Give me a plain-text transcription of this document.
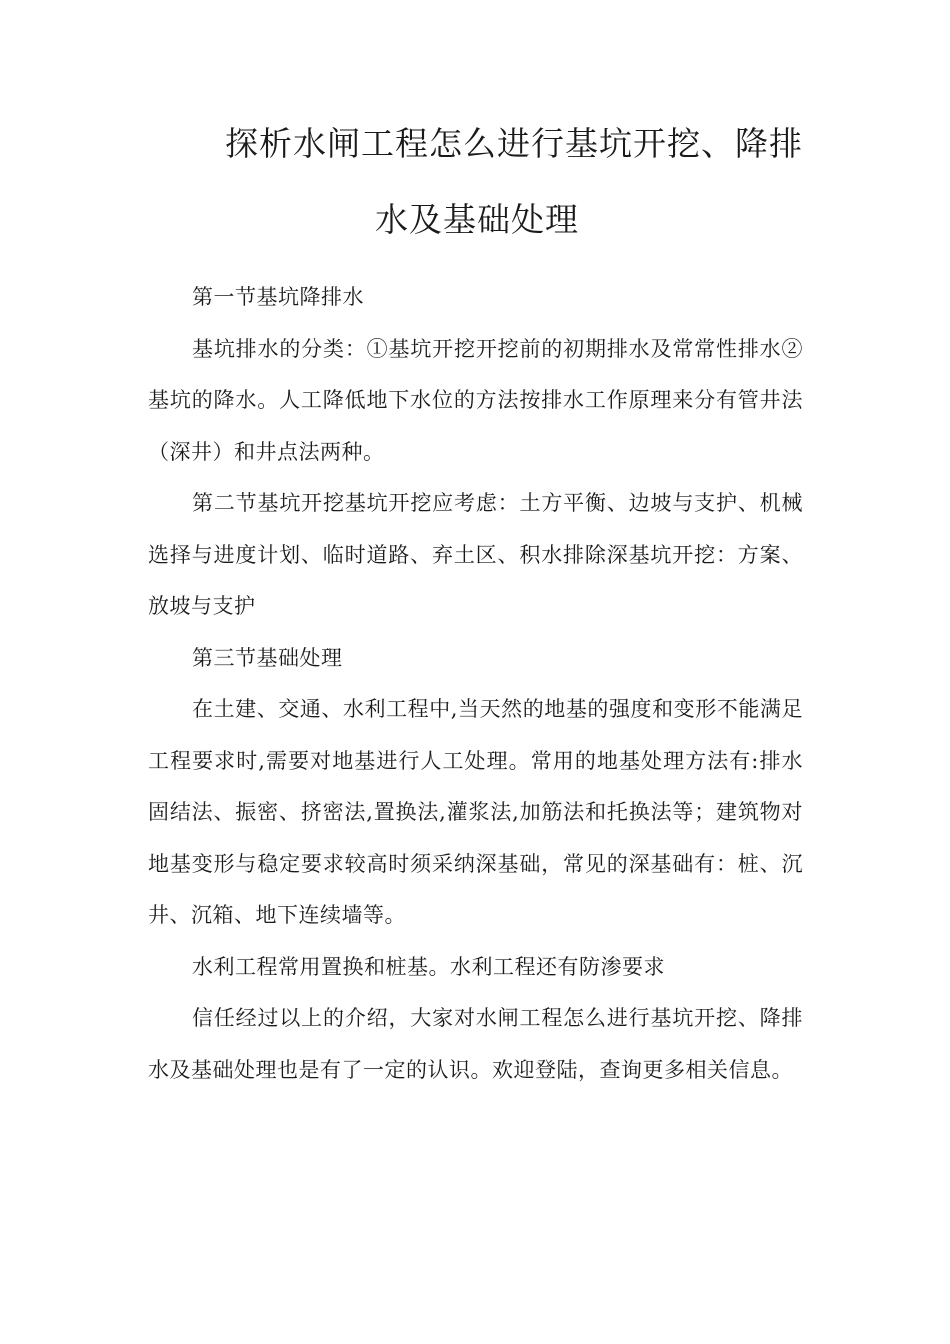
探析水闸工程怎么进行基坑开挖、降排
水及基础处理

第一节基坑降排水

基坑排水的分类：①基坑开挖开挖前的初期排水及常常性排水②基坑的降水。人工降低地下水位的方法按排水工作原理来分有管井法（深井）和井点法两种。

第二节基坑开挖基坑开挖应考虑：土方平衡、边坡与支护、机械选择与进度计划、临时道路、弃土区、积水排除深基坑开挖：方案、放坡与支护

第三节基础处理

在土建、交通、水利工程中,当天然的地基的强度和变形不能满足工程要求时,需要对地基进行人工处理。常用的地基处理方法有:排水固结法、振密、挤密法,置换法,灌浆法,加筋法和托换法等；建筑物对地基变形与稳定要求较高时须采纳深基础，常见的深基础有：桩、沉井、沉箱、地下连续墙等。

水利工程常用置换和桩基。水利工程还有防渗要求

信任经过以上的介绍，大家对水闸工程怎么进行基坑开挖、降排水及基础处理也是有了一定的认识。欢迎登陆，查询更多相关信息。
